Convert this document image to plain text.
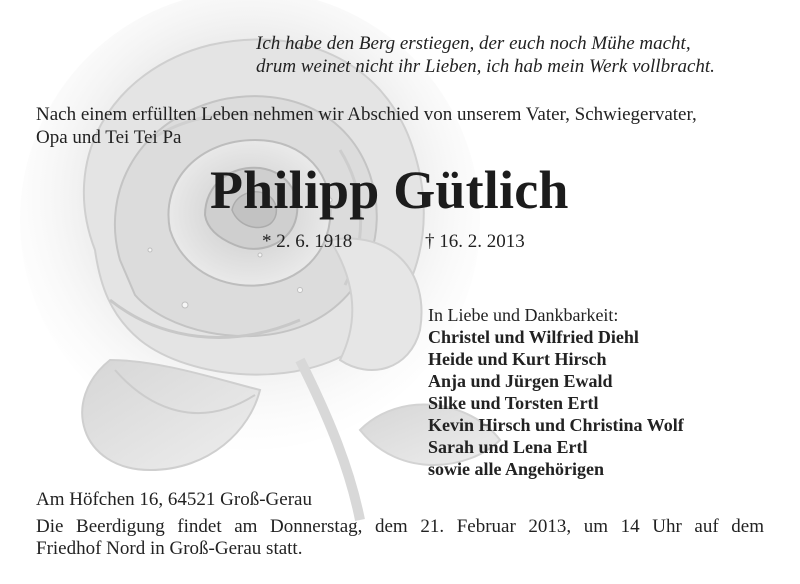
Ich habe den Berg erstiegen, der euch noch Mühe macht,
drum weinet nicht ihr Lieben, ich hab mein Werk vollbracht.
Nach einem erfüllten Leben nehmen wir Abschied von unserem Vater, Schwiegervater,
Opa und Tei Tei Pa
Philipp Gütlich
* 2. 6. 1918	† 16. 2. 2013
In Liebe und Dankbarkeit:
Christel und Wilfried Diehl
Heide und Kurt Hirsch
Anja und Jürgen Ewald
Silke und Torsten Ertl
Kevin Hirsch und Christina Wolf
Sarah und Lena Ertl
sowie alle Angehörigen
Am Höfchen 16, 64521 Groß-Gerau
Die Beerdigung findet am Donnerstag, dem 21. Februar 2013, um 14 Uhr auf dem
Friedhof Nord in Groß-Gerau statt.
